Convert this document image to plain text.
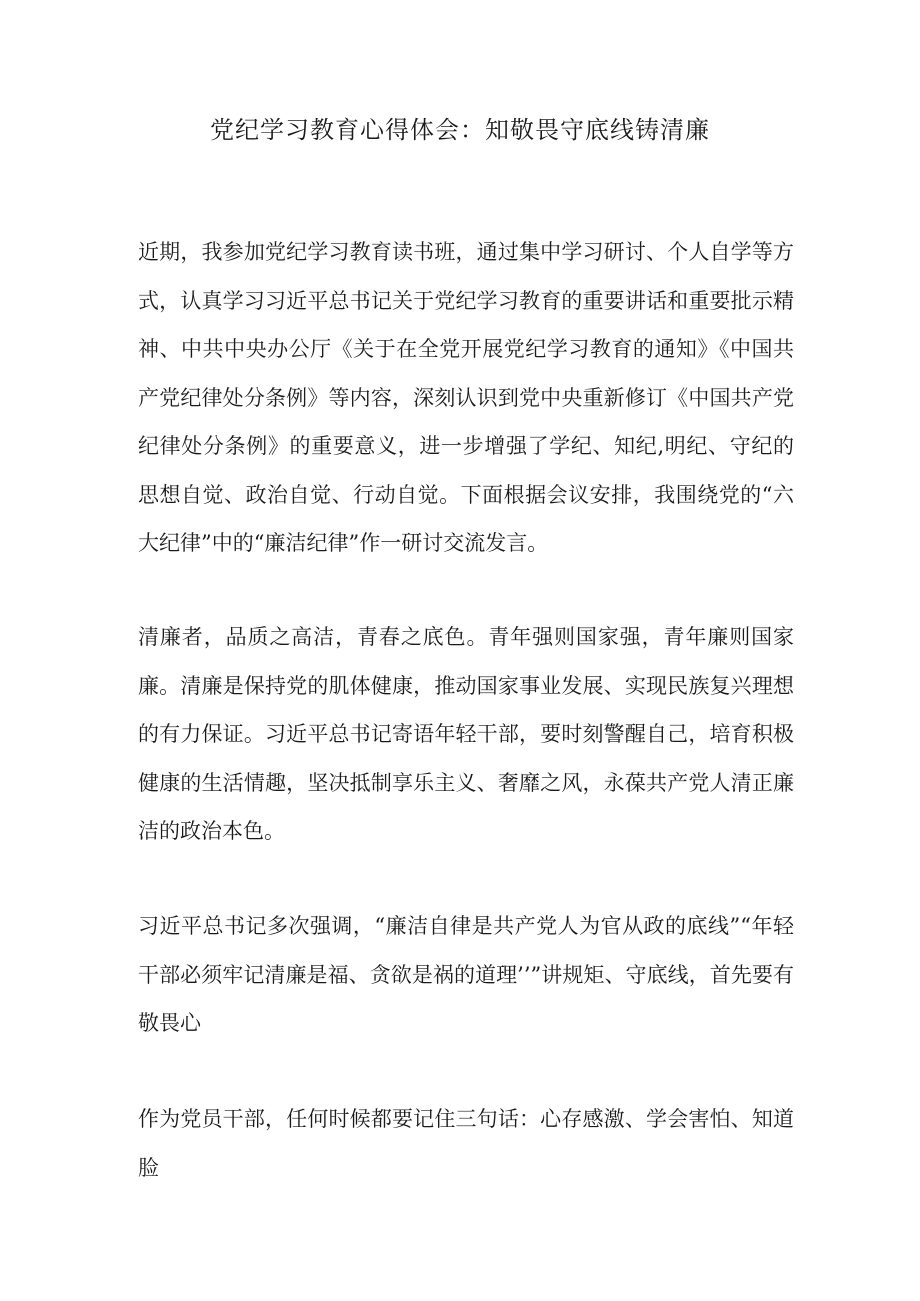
党纪学习教育心得体会：知敬畏守底线铸清廉

近期，我参加党纪学习教育读书班，通过集中学习研讨、个人自学等方式，认真学习习近平总书记关于党纪学习教育的重要讲话和重要批示精神、中共中央办公厅《关于在全党开展党纪学习教育的通知》《中国共产党纪律处分条例》等内容，深刻认识到党中央重新修订《中国共产党纪律处分条例》的重要意义，进一步增强了学纪、知纪,明纪、守纪的思想自觉、政治自觉、行动自觉。下面根据会议安排，我围绕党的“六大纪律”中的“廉洁纪律”作一研讨交流发言。

清廉者，品质之高洁，青春之底色。青年强则国家强，青年廉则国家廉。清廉是保持党的肌体健康，推动国家事业发展、实现民族复兴理想的有力保证。习近平总书记寄语年轻干部，要时刻警醒自己，培育积极健康的生活情趣，坚决抵制享乐主义、奢靡之风，永葆共产党人清正廉洁的政治本色。

习近平总书记多次强调，“廉洁自律是共产党人为官从政的底线”“年轻干部必须牢记清廉是福、贪欲是祸的道理’’”讲规矩、守底线，首先要有敬畏心

作为党员干部，任何时候都要记住三句话：心存感激、学会害怕、知道脸
